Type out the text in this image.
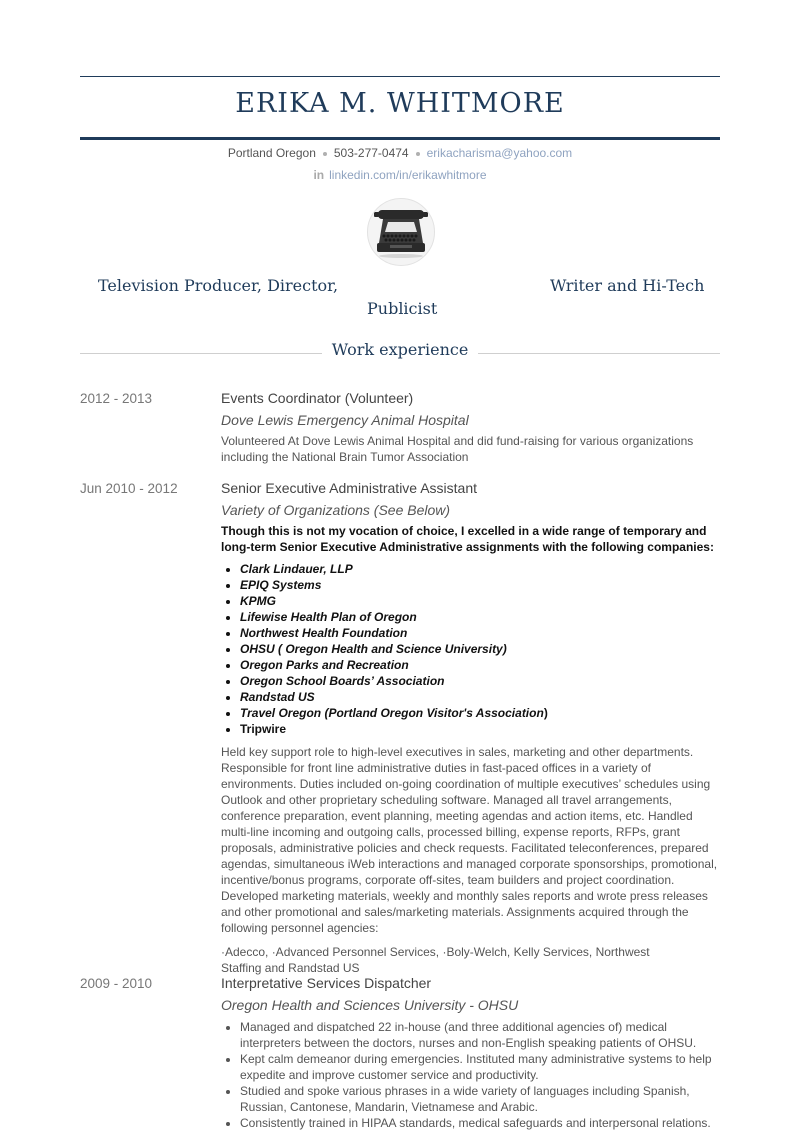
ERIKA M. WHITMORE
Portland Oregon 503-277-0474 erikacharisma@yahoo.com
in linkedin.com/in/erikawhitmore
Television Producer, Director,	Writer and Hi-Tech
Publicist
Work experience
2012 - 2013	Events Coordinator (Volunteer)
Dove Lewis Emergency Animal Hospital
Volunteered At Dove Lewis Animal Hospital and did fund-raising for various organizations including the National Brain Tumor Association
Jun 2010 - 2012	Senior Executive Administrative Assistant
Variety of Organizations (See Below)
Though this is not my vocation of choice, I excelled in a wide range of temporary and long-term Senior Executive Administrative assignments with the following companies:
• Clark Lindauer, LLP
• EPIQ Systems
• KPMG
• Lifewise Health Plan of Oregon
• Northwest Health Foundation
• OHSU ( Oregon Health and Science University)
• Oregon Parks and Recreation
• Oregon School Boards’ Association
• Randstad US
• Travel Oregon (Portland Oregon Visitor's Association)
• Tripwire
Held key support role to high-level executives in sales, marketing and other departments. Responsible for front line administrative duties in fast-paced offices in a variety of environments. Duties included on-going coordination of multiple executives’ schedules using Outlook and other proprietary scheduling software. Managed all travel arrangements, conference preparation, event planning, meeting agendas and action items, etc. Handled multi-line incoming and outgoing calls, processed billing, expense reports, RFPs, grant proposals, administrative policies and check requests. Facilitated teleconferences, prepared agendas, simultaneous iWeb interactions and managed corporate sponsorships, promotional, incentive/bonus programs, corporate off-sites, team builders and project coordination. Developed marketing materials, weekly and monthly sales reports and wrote press releases and other promotional and sales/marketing materials. Assignments acquired through the following personnel agencies:
·Adecco, ·Advanced Personnel Services, ·Boly-Welch, Kelly Services, Northwest Staffing and Randstad US
2009 - 2010	Interpretative Services Dispatcher
Oregon Health and Sciences University - OHSU
• Managed and dispatched 22 in-house (and three additional agencies of) medical interpreters between the doctors, nurses and non-English speaking patients of OHSU.
• Kept calm demeanor during emergencies. Instituted many administrative systems to help expedite and improve customer service and productivity.
• Studied and spoke various phrases in a wide variety of languages including Spanish, Russian, Cantonese, Mandarin, Vietnamese and Arabic.
• Consistently trained in HIPAA standards, medical safeguards and interpersonal relations.
